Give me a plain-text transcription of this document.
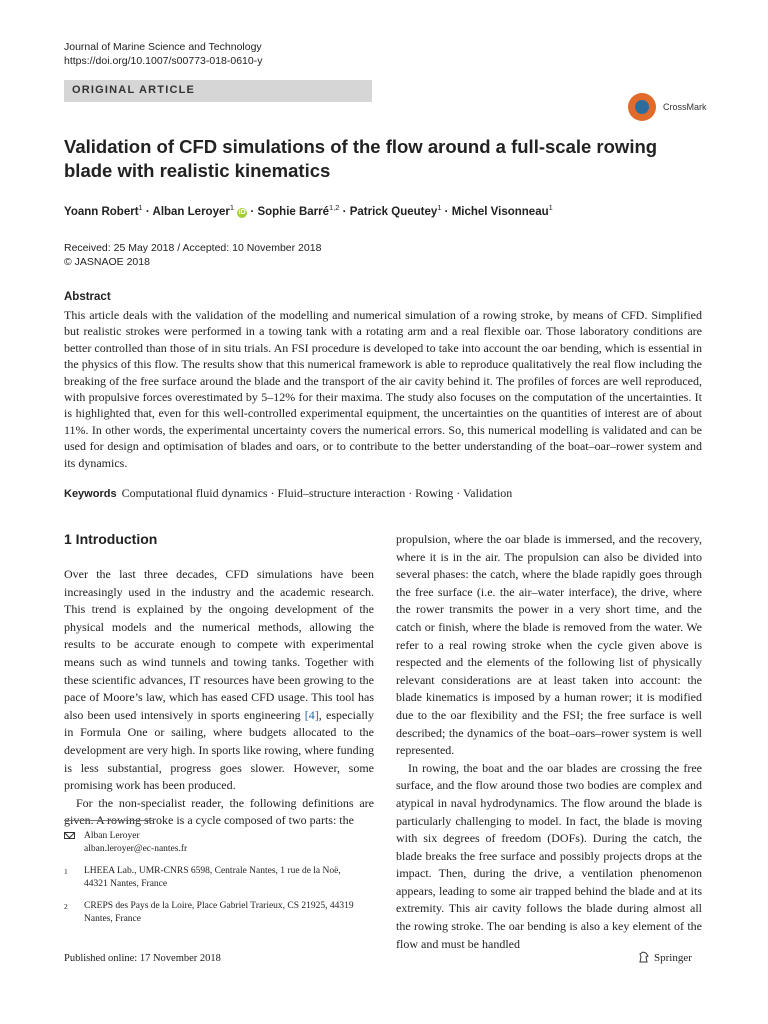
Journal of Marine Science and Technology
https://doi.org/10.1007/s00773-018-0610-y
ORIGINAL ARTICLE
CrossMark
Validation of CFD simulations of the flow around a full-scale rowing blade with realistic kinematics
Yoann Robert$^1$ · Alban Leroyer$^1$ iD · Sophie Barré$^{1,2}$ · Patrick Queutey$^1$ · Michel Visonneau$^1$
Received: 25 May 2018 / Accepted: 10 November 2018
© JASNAOE 2018
Abstract
This article deals with the validation of the modelling and numerical simulation of a rowing stroke, by means of CFD. Simplified but realistic strokes were performed in a towing tank with a rotating arm and a real flexible oar. Those laboratory conditions are better controlled than those of in situ trials. An FSI procedure is developed to take into account the oar bending, which is essential in the physics of this flow. The results show that this numerical framework is able to reproduce qualitatively the real flow including the breaking of the free surface around the blade and the transport of the air cavity behind it. The profiles of forces are well reproduced, with propulsive forces overestimated by 5–12% for their maxima. The study also focuses on the computation of the uncertainties. It is highlighted that, even for this well-controlled experimental equipment, the uncertainties on the quantities of interest are of about 11%. In other words, the experimental uncertainty covers the numerical errors. So, this numerical modelling is validated and can be used for design and optimisation of blades and oars, or to contribute to the better understanding of the boat–oar–rower system and its dynamics.
Keywords Computational fluid dynamics · Fluid–structure interaction · Rowing · Validation
1 Introduction

Over the last three decades, CFD simulations have been increasingly used in the industry and the academic research. This trend is explained by the ongoing development of the physical models and the numerical methods, allowing the results to be accurate enough to compete with experimental means such as wind tunnels and towing tanks. Together with these scientific advances, IT resources have been growing to the pace of Moore’s law, which has eased CFD usage. This tool has also been used intensively in sports engineering [4], especially in Formula One or sailing, where budgets allocated to the development are very high. In sports like rowing, where funding is less substantial, progress goes slower. However, some promising work has been produced.

For the non-specialist reader, the following definitions are given. A rowing stroke is a cycle composed of two parts: the

propulsion, where the oar blade is immersed, and the recovery, where it is in the air. The propulsion can also be divided into several phases: the catch, where the blade rapidly goes through the free surface (i.e. the air–water interface), the drive, where the rower transmits the power in a very short time, and the catch or finish, where the blade is removed from the water. We refer to a real rowing stroke when the cycle given above is respected and the elements of the following list of physically relevant considerations are at least taken into account: the blade kinematics is imposed by a human rower; it is modified due to the oar flexibility and the FSI; the free surface is well described; the dynamics of the boat–oars–rower system is well represented.

In rowing, the boat and the oar blades are crossing the free surface, and the flow around those two bodies are complex and atypical in naval hydrodynamics. The flow around the blade is particularly challenging to model. In fact, the blade is moving with six degrees of freedom (DOFs). During the catch, the blade breaks the free surface and possibly projects drops at the impact. Then, during the drive, a ventilation phenomenon appears, leading to some air trapped behind the blade and at its extremity. This air cavity follows the blade during almost all the rowing stroke. The oar bending is also a key element of the flow and must be handled

Alban Leroyer
alban.leroyer@ec-nantes.fr
1 LHEEA Lab., UMR-CNRS 6598, Centrale Nantes, 1 rue de la Noë, 44321 Nantes, France
2 CREPS des Pays de la Loire, Place Gabriel Trarieux, CS 21925, 44319 Nantes, France
Published online: 17 November 2018	Springer
